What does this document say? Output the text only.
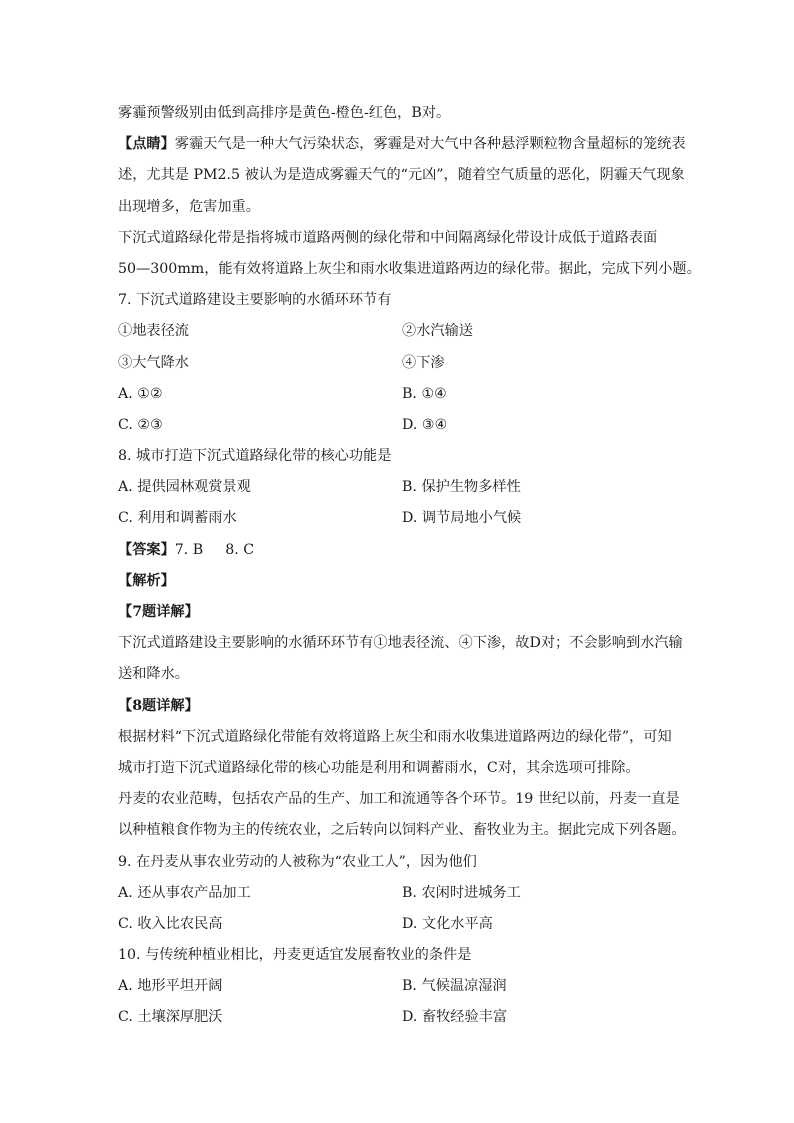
雾霾预警级别由低到高排序是黄色-橙色-红色，B对。
【点睛】雾霾天气是一种大气污染状态，雾霾是对大气中各种悬浮颗粒物含量超标的笼统表
述，尤其是 PM2.5 被认为是造成雾霾天气的“元凶”，随着空气质量的恶化，阴霾天气现象
出现增多，危害加重。
下沉式道路绿化带是指将城市道路两侧的绿化带和中间隔离绿化带设计成低于道路表面
50—300mm，能有效将道路上灰尘和雨水收集进道路两边的绿化带。据此，完成下列小题。
7. 下沉式道路建设主要影响的水循环环节有
①地表径流	②水汽输送
③大气降水	④下渗
A. ①②	B. ①④
C. ②③	D. ③④
8. 城市打造下沉式道路绿化带的核心功能是
A. 提供园林观赏景观	B. 保护生物多样性
C. 利用和调蓄雨水	D. 调节局地小气候
【答案】7. B 8. C
【解析】
【7题详解】
下沉式道路建设主要影响的水循环环节有①地表径流、④下渗，故D对；不会影响到水汽输
送和降水。
【8题详解】
根据材料“下沉式道路绿化带能有效将道路上灰尘和雨水收集进道路两边的绿化带”，可知
城市打造下沉式道路绿化带的核心功能是利用和调蓄雨水，C对，其余选项可排除。
丹麦的农业范畴，包括农产品的生产、加工和流通等各个环节。19 世纪以前，丹麦一直是
以种植粮食作物为主的传统农业，之后转向以饲料产业、畜牧业为主。据此完成下列各题。
9. 在丹麦从事农业劳动的人被称为“农业工人”，因为他们
A. 还从事农产品加工	B. 农闲时进城务工
C. 收入比农民高	D. 文化水平高
10. 与传统种植业相比，丹麦更适宜发展畜牧业的条件是
A. 地形平坦开阔	B. 气候温凉湿润
C. 土壤深厚肥沃	D. 畜牧经验丰富
